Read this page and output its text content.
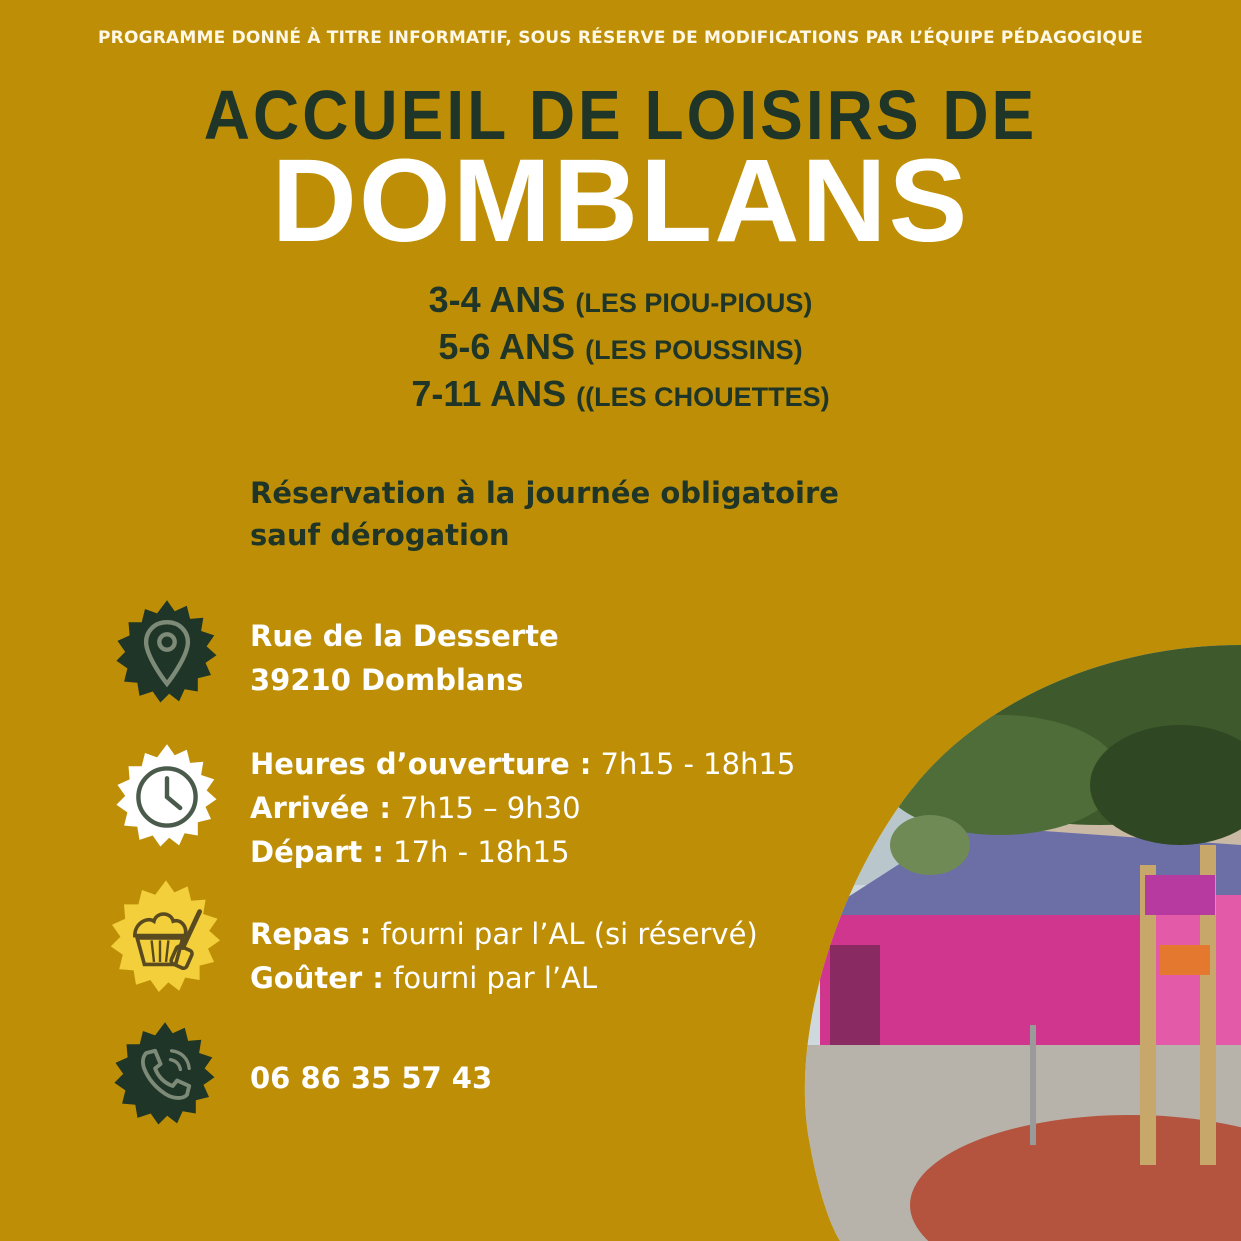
PROGRAMME DONNÉ À TITRE INFORMATIF, SOUS RÉSERVE DE MODIFICATIONS PAR L’ÉQUIPE PÉDAGOGIQUE
ACCUEIL DE LOISIRS DE
DOMBLANS
3-4 ANS (LES PIOU-PIOUS)
5-6 ANS (LES POUSSINS)
7-11 ANS ((LES CHOUETTES)
Réservation à la journée obligatoire
sauf dérogation
Rue de la Desserte
39210 Domblans
Heures d’ouverture : 7h15 - 18h15
Arrivée : 7h15 – 9h30
Départ : 17h - 18h15
Repas : fourni par l’AL (si réservé)
Goûter : fourni par l’AL
06 86 35 57 43
